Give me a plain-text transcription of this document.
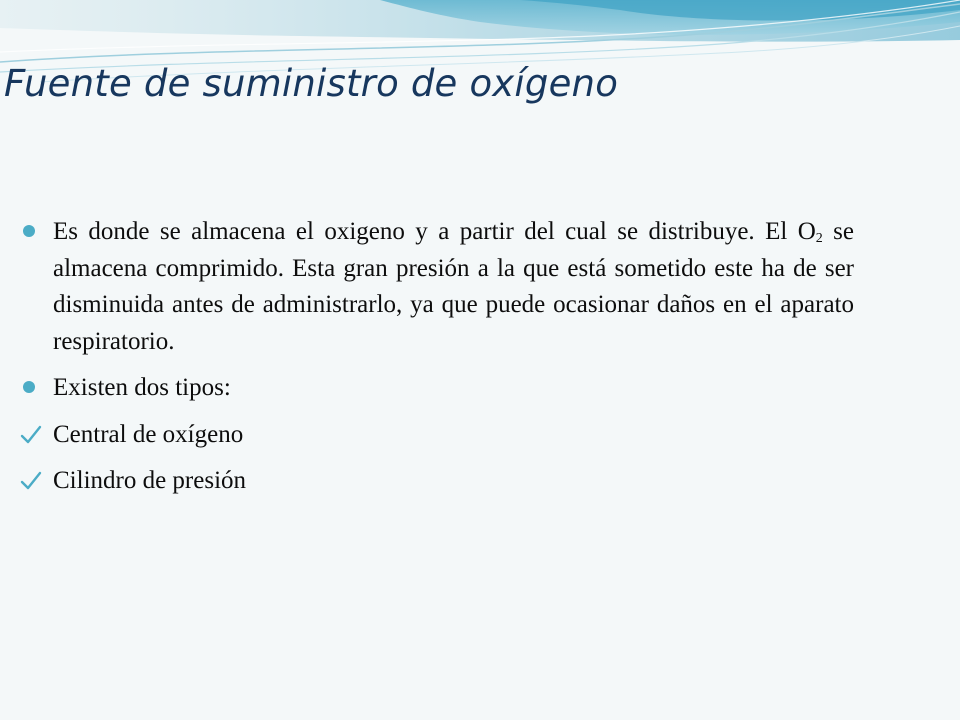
Fuente de suministro de oxígeno
Es donde se almacena el oxigeno y a partir del cual se distribuye. El $O_2$ se almacena comprimido. Esta gran presión a la que está sometido este ha de ser disminuida antes de administrarlo, ya que puede ocasionar daños en el aparato respiratorio.
Existen dos tipos:
Central de oxígeno
Cilindro de presión
